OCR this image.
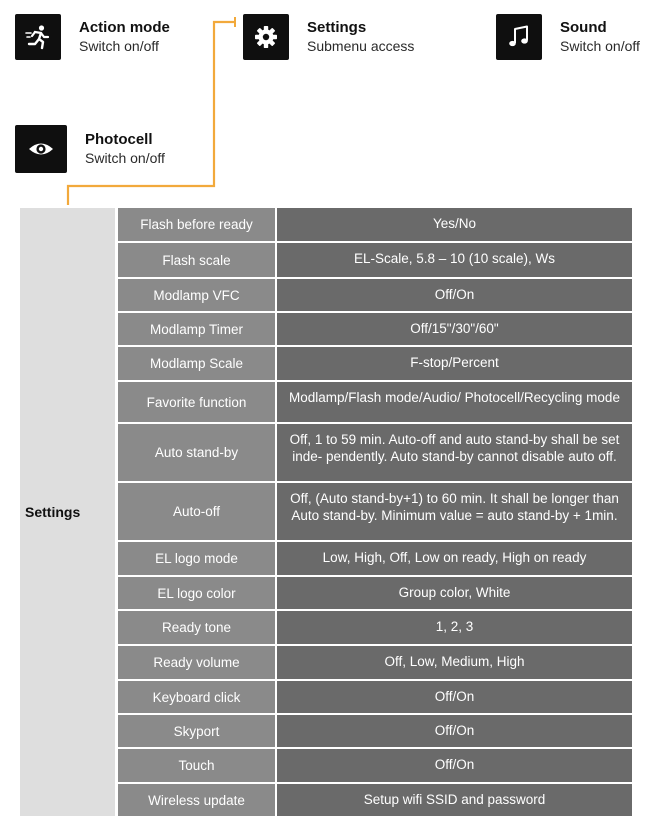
Action mode
Switch on/off
Settings
Submenu access
Sound
Switch on/off
Photocell
Switch on/off
Settings	Flash before ready	Yes/No
	Flash scale	EL-Scale, 5.8 – 10 (10 scale), Ws
	Modlamp VFC	Off/On
	Modlamp Timer	Off/15"/30"/60"
	Modlamp Scale	F-stop/Percent
	Favorite function	Modlamp/Flash mode/Audio/ Photocell/Recycling mode
	Auto stand-by	Off, 1 to 59 min. Auto-off and auto stand-by shall be set inde- pendently. Auto stand-by cannot disable auto off.
	Auto-off	Off, (Auto stand-by+1) to 60 min. It shall be longer than Auto stand-by. Minimum value = auto stand-by + 1min.
	EL logo mode	Low, High, Off, Low on ready, High on ready
	EL logo color	Group color, White
	Ready tone	1, 2, 3
	Ready volume	Off, Low, Medium, High
	Keyboard click	Off/On
	Skyport	Off/On
	Touch	Off/On
	Wireless update	Setup wifi SSID and password
